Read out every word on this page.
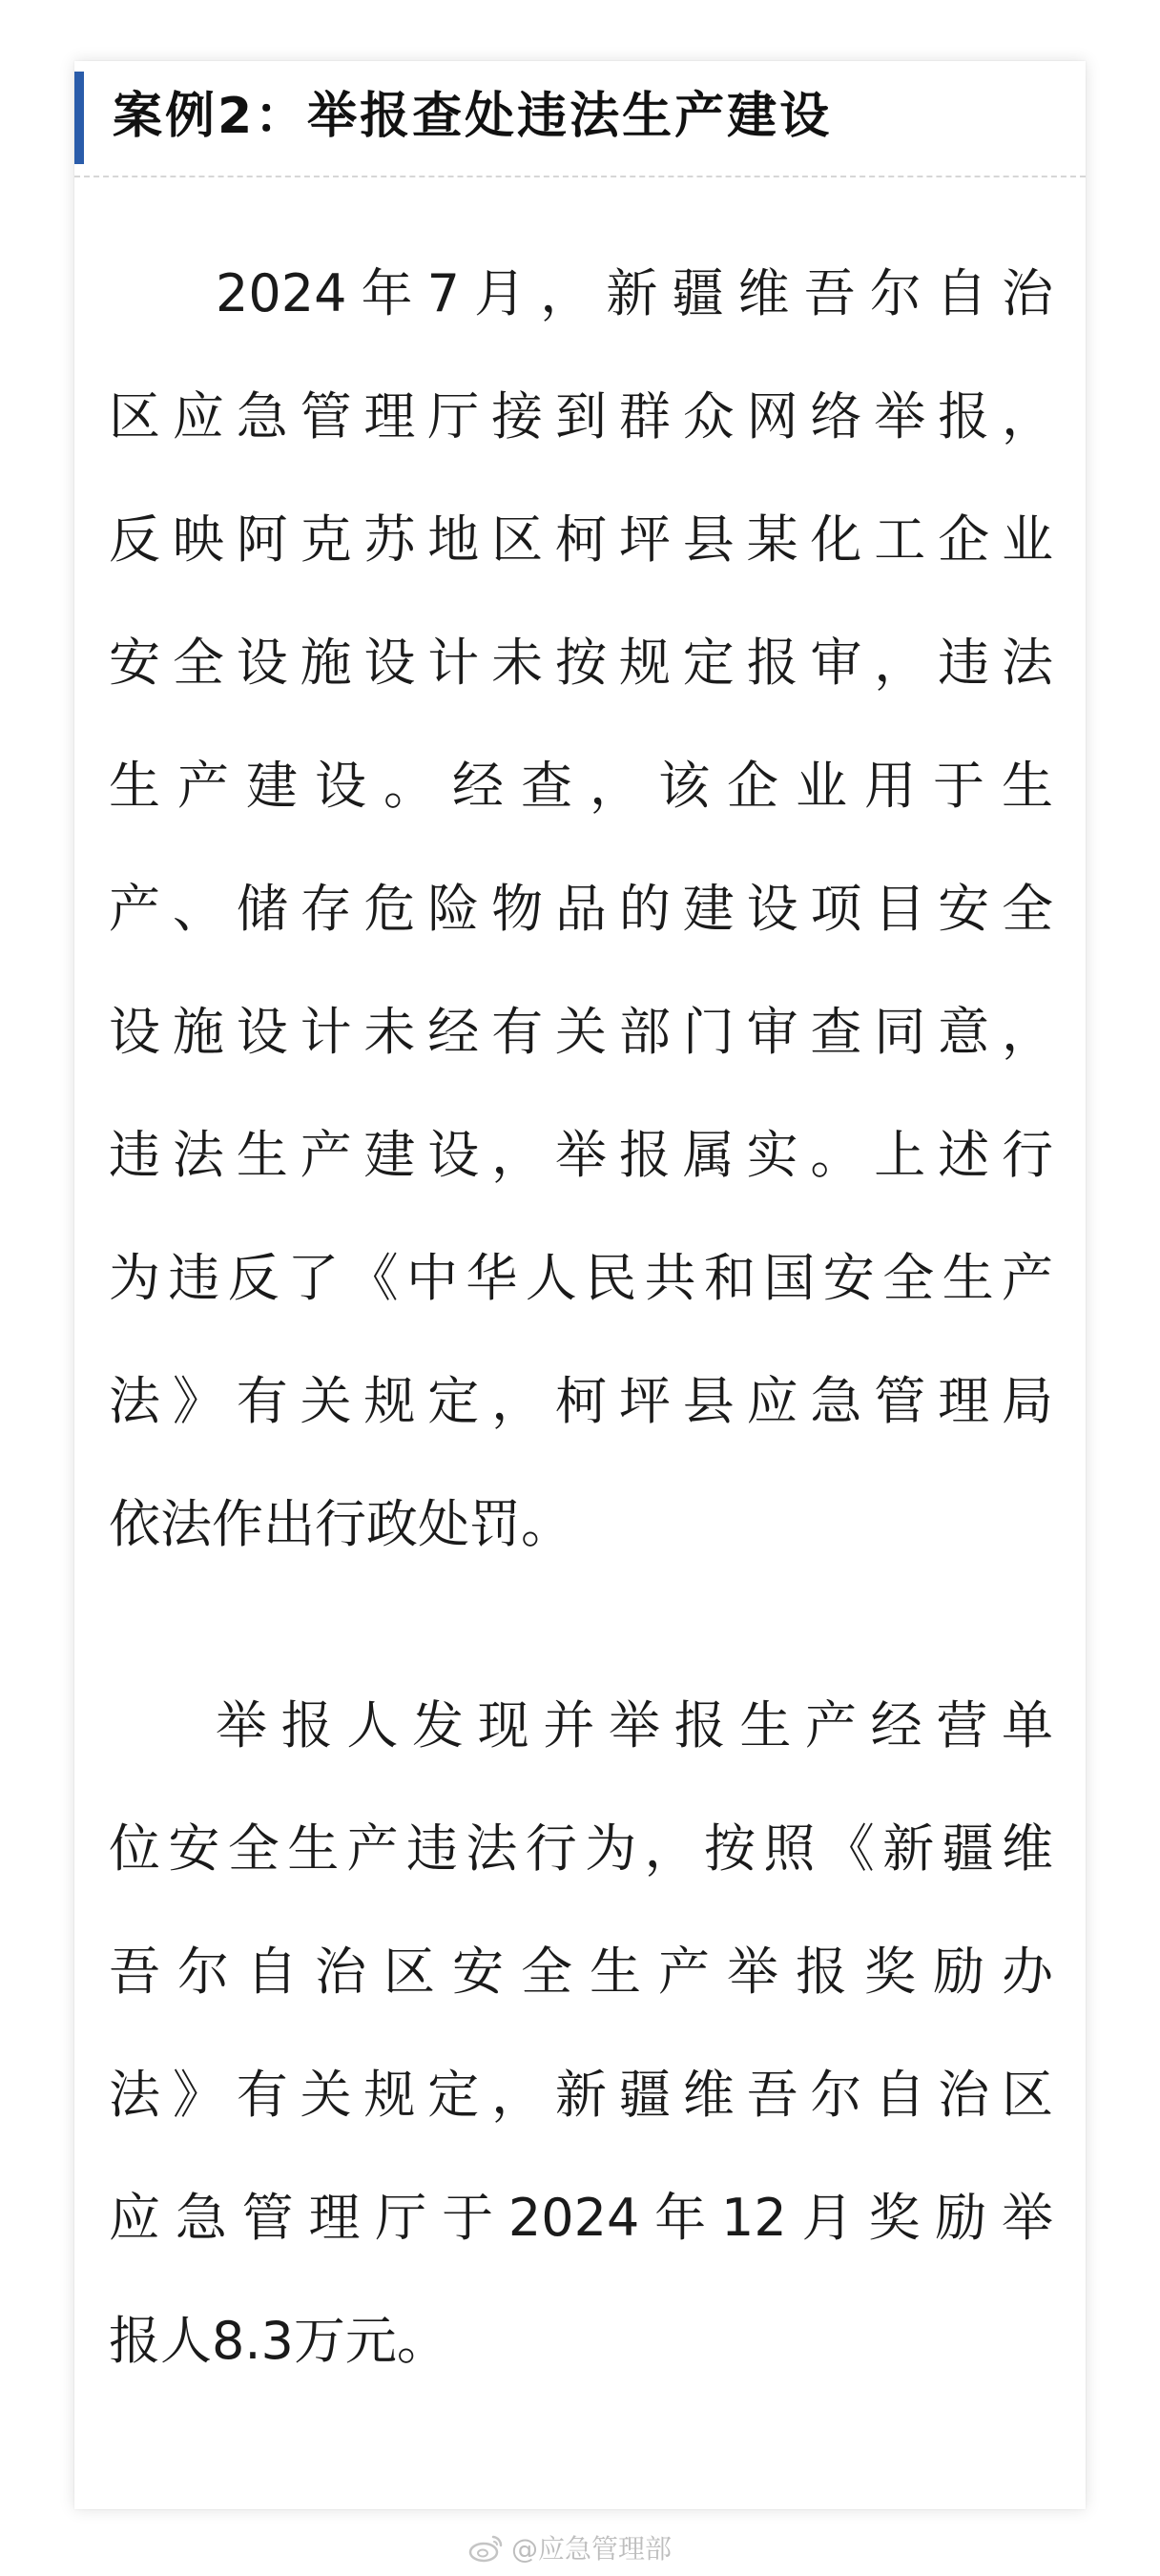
案例2：举报查处违法生产建设
2024年7月，新疆维吾尔自治
区应急管理厅接到群众网络举报，
反映阿克苏地区柯坪县某化工企业
安全设施设计未按规定报审，违法
生产建设。经查，该企业用于生
产、储存危险物品的建设项目安全
设施设计未经有关部门审查同意，
违法生产建设，举报属实。上述行
为违反了《中华人民共和国安全生产
法》有关规定，柯坪县应急管理局
依法作出行政处罚。
举报人发现并举报生产经营单
位安全生产违法行为，按照《新疆维
吾尔自治区安全生产举报奖励办
法》有关规定，新疆维吾尔自治区
应急管理厅于2024年12月奖励举
报人8.3万元。
@应急管理部
